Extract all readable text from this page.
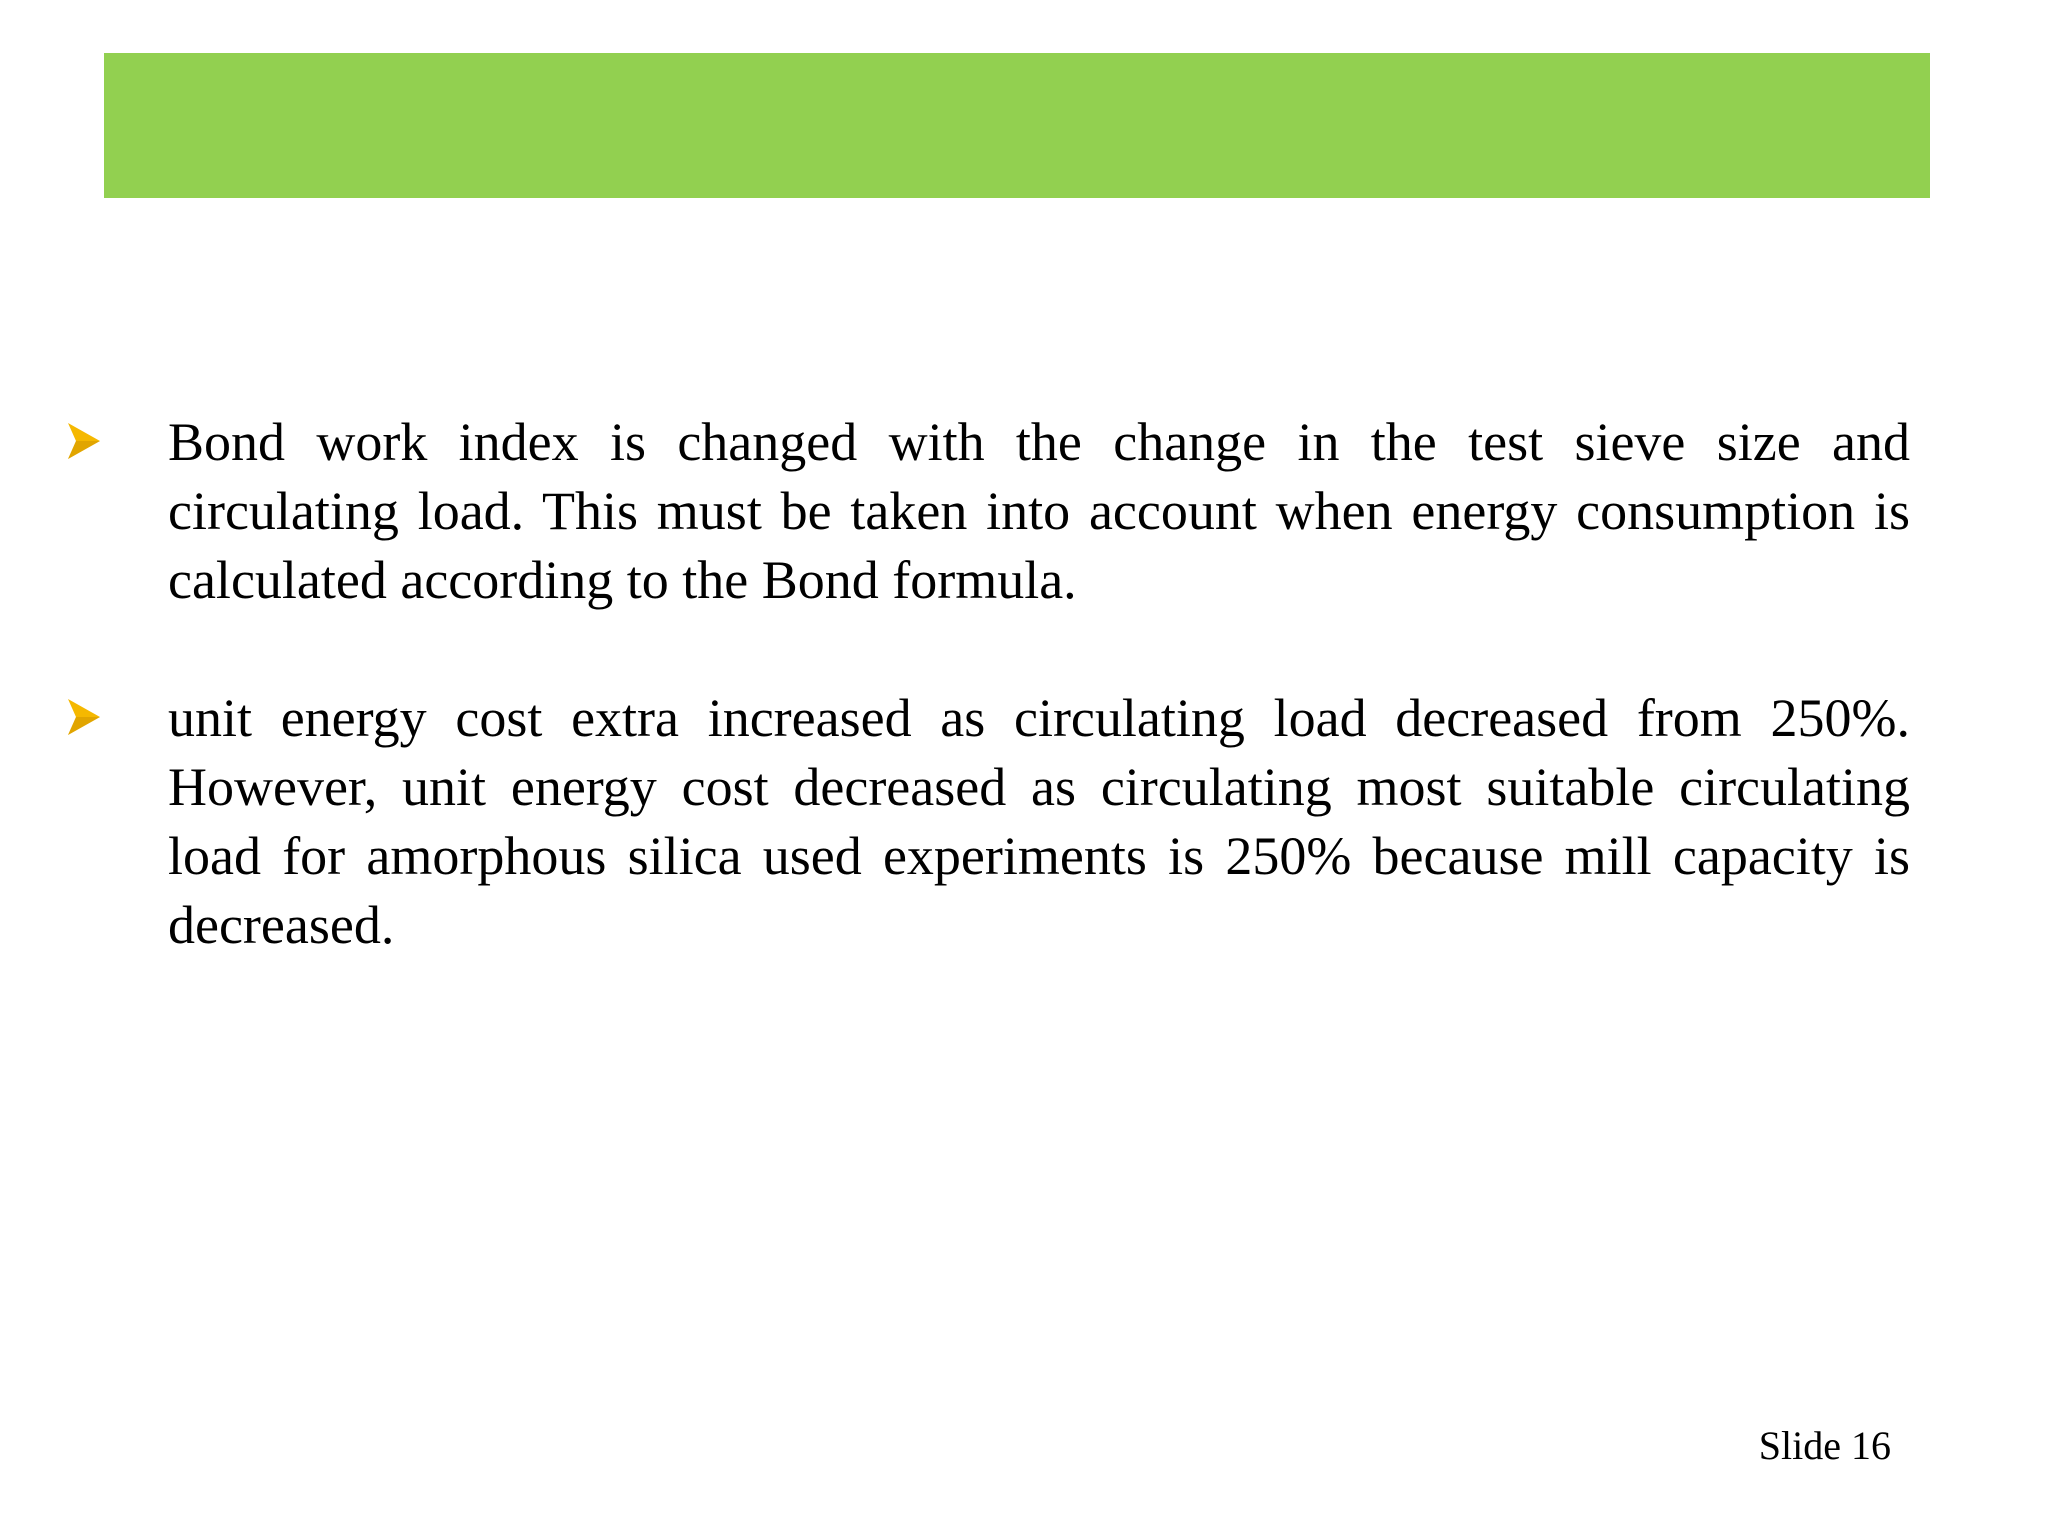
Bond work index is changed with the change in the test sieve size and circulating load. This must be taken into account when energy consumption is calculated according to the Bond formula.
unit energy cost extra increased as circulating load decreased from 250%. However, unit energy cost decreased as circulating most suitable circulating load for amorphous silica used experiments is 250% because mill capacity is decreased.
Slide 16
